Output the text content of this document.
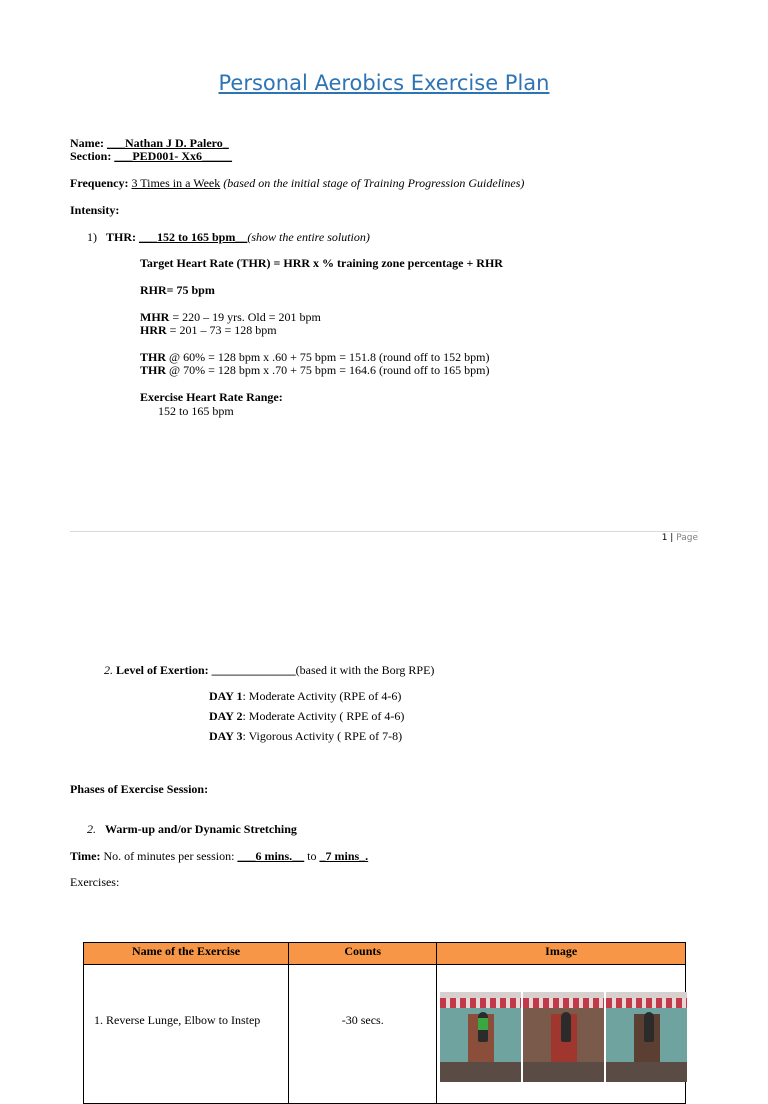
Personal Aerobics Exercise Plan
Name: ___Nathan J D. Palero_
Section: ___PED001- Xx6_____
Frequency: 3 Times in a Week (based on the initial stage of Training Progression Guidelines)
Intensity:
1) THR: ___152 to 165 bpm__(show the entire solution)
Target Heart Rate (THR) = HRR x % training zone percentage + RHR
RHR= 75 bpm
MHR = 220 – 19 yrs. Old = 201 bpm
HRR = 201 – 73 = 128 bpm
THR @ 60% = 128 bpm x .60 + 75 bpm = 151.8 (round off to 152 bpm)
THR @ 70% = 128 bpm x .70 + 75 bpm = 164.6 (round off to 165 bpm)
Exercise Heart Rate Range:
152 to 165 bpm
1 | Page
2. Level of Exertion: ______________(based it with the Borg RPE)
DAY 1: Moderate Activity (RPE of 4-6)
DAY 2: Moderate Activity ( RPE of 4-6)
DAY 3: Vigorous Activity ( RPE of 7-8)
Phases of Exercise Session:
2. Warm-up and/or Dynamic Stretching
Time: No. of minutes per session: ___6 mins.__ to _7 mins_.
Exercises:
Name of the Exercise	Counts	Image
1. Reverse Lunge, Elbow to Instep	-30 secs.	
